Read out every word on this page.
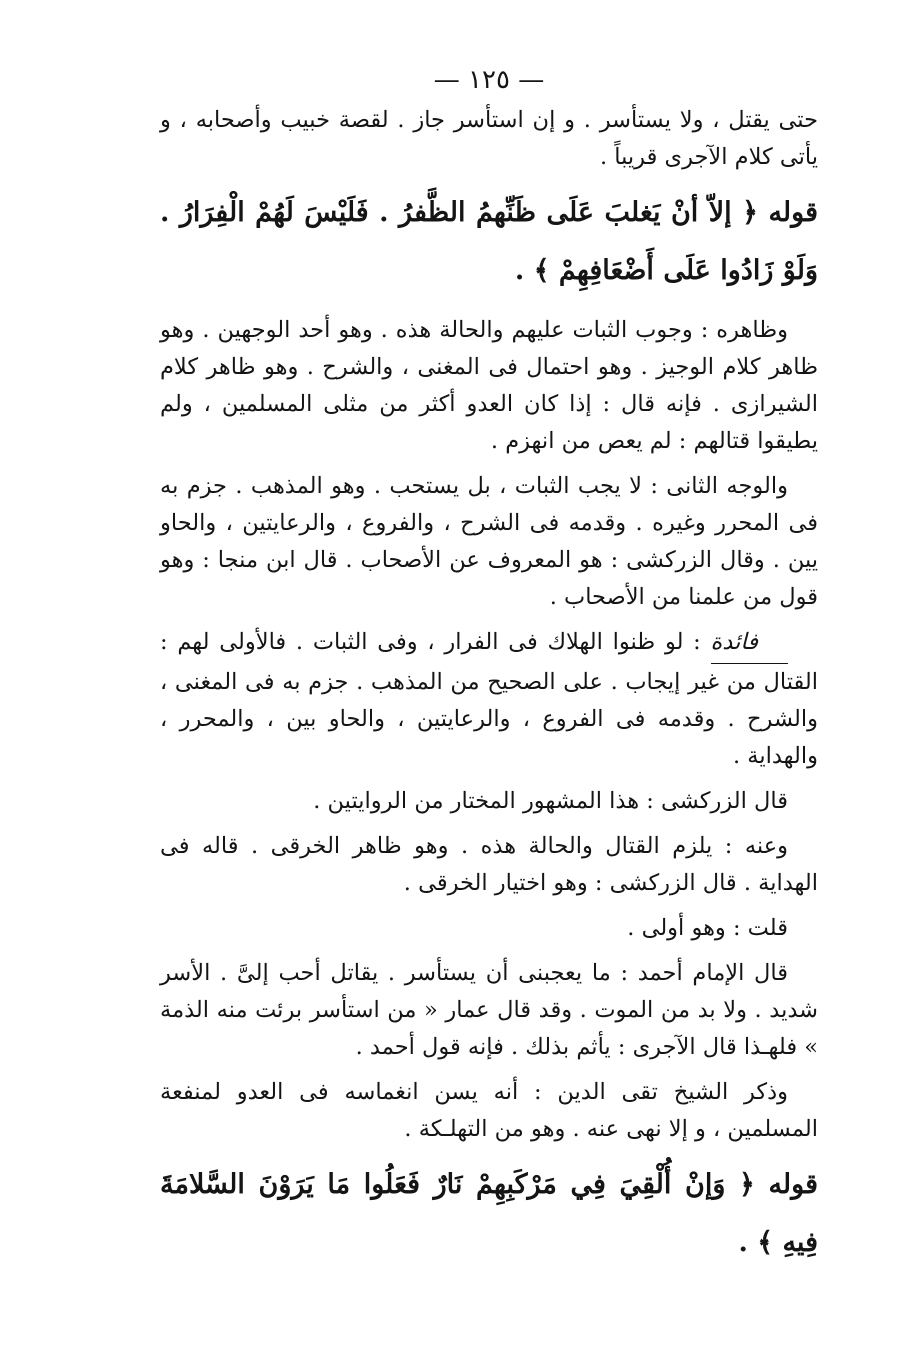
— ١٢٥ —

حتى يقتل ، ولا يستأسر . و إن استأسر جاز . لقصة خبيب وأصحابه ، و يأتى كلام الآجرى قريباً .

قوله ﴿ إلاّ أنْ يَغلبَ عَلَى ظَنِّهمُ الظَّفرُ . فَلَيْسَ لَهُمْ الْفِرَارُ . وَلَوْ زَادُوا عَلَى أَضْعَافِهِمْ ﴾ .

وظاهره : وجوب الثبات عليهم والحالة هذه . وهو أحد الوجهين . وهو ظاهر كلام الوجيز . وهو احتمال فى المغنى ، والشرح . وهو ظاهر كلام الشيرازى . فإنه قال : إذا كان العدو أكثر من مثلى المسلمين ، ولم يطيقوا قتالهم : لم يعص من انهزم .

والوجه الثانى : لا يجب الثبات ، بل يستحب . وهو المذهب . جزم به فى المحرر وغيره . وقدمه فى الشرح ، والفروع ، والرعايتين ، والحاو يين . وقال الزركشى : هو المعروف عن الأصحاب . قال ابن منجا : وهو قول من علمنا من الأصحاب .

فائدة : لو ظنوا الهلاك فى الفرار ، وفى الثبات . فالأولى لهم : القتال من غير إيجاب . على الصحيح من المذهب . جزم به فى المغنى ، والشرح . وقدمه فى الفروع ، والرعايتين ، والحاو بين ، والمحرر ، والهداية .

قال الزركشى : هذا المشهور المختار من الروايتين .

وعنه : يلزم القتال والحالة هذه . وهو ظاهر الخرقى . قاله فى الهداية . قال الزركشى : وهو اختيار الخرقى .

قلت : وهو أولى .

قال الإمام أحمد : ما يعجبنى أن يستأسر . يقاتل أحب إلىَّ . الأسر شديد . ولا بد من الموت . وقد قال عمار « من استأسر برئت منه الذمة » فلهـذا قال الآجرى : يأثم بذلك . فإنه قول أحمد .

وذكر الشيخ تقى الدين : أنه يسن انغماسه فى العدو لمنفعة المسلمين ، و إلا نهى عنه . وهو من التهلـكة .

قوله ﴿ وَإنْ أُلْقِيَ فِي مَرْكَبِهِمْ نَارٌ فَعَلُوا مَا يَرَوْنَ السَّلامَةَ فِيهِ ﴾ .
